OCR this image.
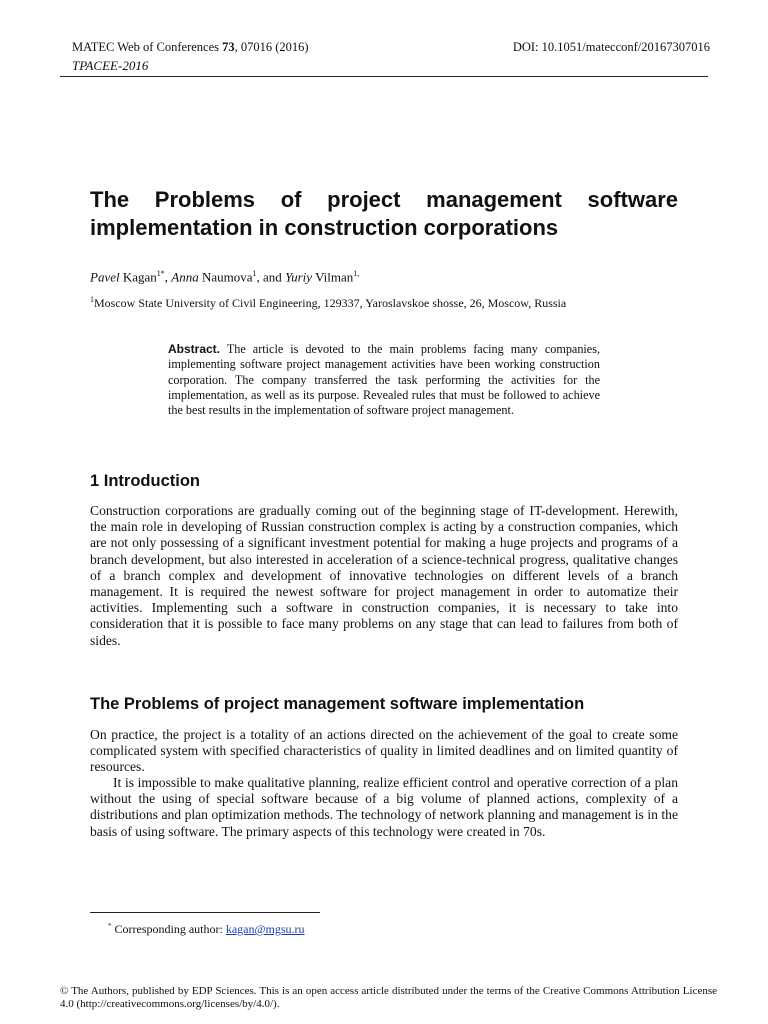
MATEC Web of Conferences 73, 07016 (2016)
TPACEE-2016
DOI: 10.1051/matecconf/20167307016
The Problems of project management software implementation in construction corporations
Pavel Kagan$^{1*}$, Anna Naumova$^1$, and Yuriy Vilman$^{1,}$
$^1$Moscow State University of Civil Engineering, 129337, Yaroslavskoe shosse, 26, Moscow, Russia

Abstract. The article is devoted to the main problems facing many companies, implementing software project management activities have been working construction corporation. The company transferred the task performing the activities for the implementation, as well as its purpose. Revealed rules that must be followed to achieve the best results in the implementation of software project management.

1 Introduction

Construction corporations are gradually coming out of the beginning stage of IT-development. Herewith, the main role in developing of Russian construction complex is acting by a construction companies, which are not only possessing of a significant investment potential for making a huge projects and programs of a branch development, but also interested in acceleration of a science-technical progress, qualitative changes of a branch complex and development of innovative technologies on different levels of a branch management. It is required the newest software for project management in order to automatize their activities. Implementing such a software in construction companies, it is necessary to take into consideration that it is possible to face many problems on any stage that can lead to failures from both of sides.

The Problems of project management software implementation

On practice, the project is a totality of an actions directed on the achievement of the goal to create some complicated system with specified characteristics of quality in limited deadlines and on limited quantity of resources.

It is impossible to make qualitative planning, realize efficient control and operative correction of a plan without the using of special software because of a big volume of planned actions, complexity of a distributions and plan optimization methods. The technology of network planning and management is in the basis of using software. The primary aspects of this technology were created in 70s.

* Corresponding author: kagan@mgsu.ru

© The Authors, published by EDP Sciences. This is an open access article distributed under the terms of the Creative Commons Attribution License 4.0 (http://creativecommons.org/licenses/by/4.0/).
